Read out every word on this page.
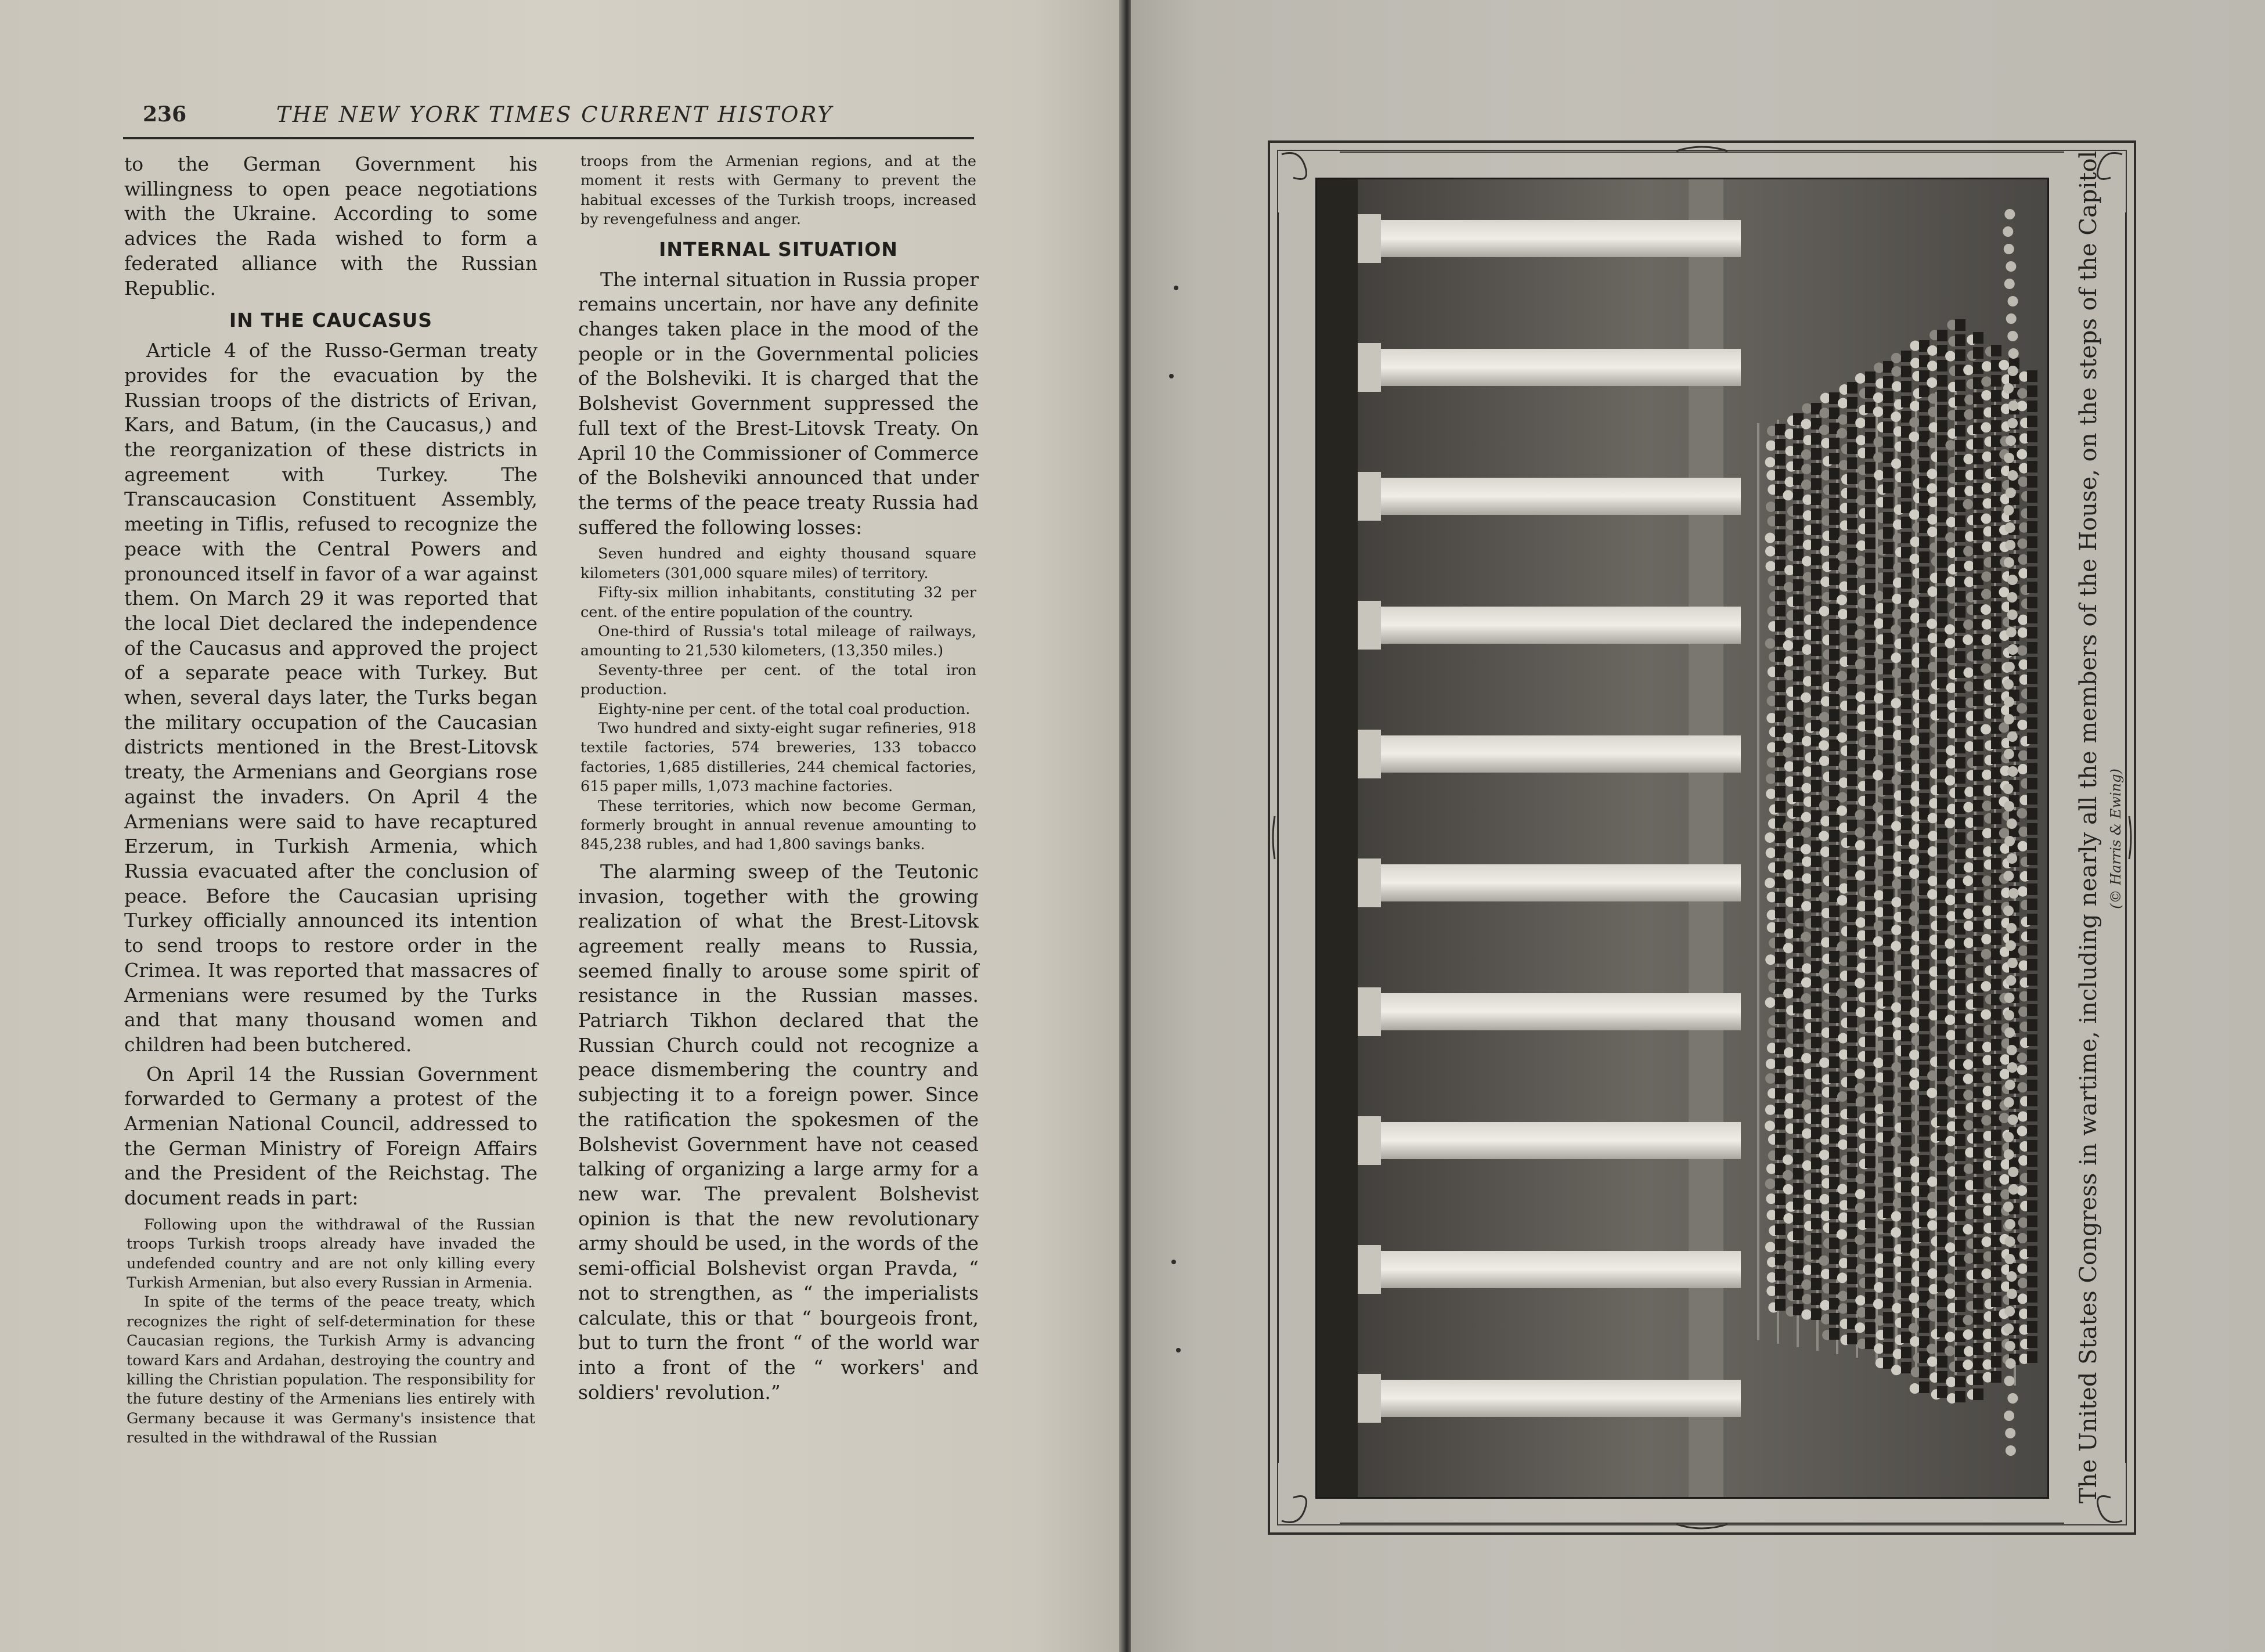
236	THE NEW YORK TIMES CURRENT HISTORY

to the German Government his willingness to open peace negotiations with the Ukraine. According to some advices the Rada wished to form a federated alliance with the Russian Republic.

IN THE CAUCASUS

Article 4 of the Russo-German treaty provides for the evacuation by the Russian troops of the districts of Erivan, Kars, and Batum, (in the Caucasus,) and the reorganization of these districts in agreement with Turkey. The Transcaucasion Constituent Assembly, meeting in Tiflis, refused to recognize the peace with the Central Powers and pronounced itself in favor of a war against them. On March 29 it was reported that the local Diet declared the independence of the Caucasus and approved the project of a separate peace with Turkey. But when, several days later, the Turks began the military occupation of the Caucasian districts mentioned in the Brest-Litovsk treaty, the Armenians and Georgians rose against the invaders. On April 4 the Armenians were said to have recaptured Erzerum, in Turkish Armenia, which Russia evacuated after the conclusion of peace. Before the Caucasian uprising Turkey officially announced its intention to send troops to restore order in the Crimea. It was reported that massacres of Armenians were resumed by the Turks and that many thousand women and children had been butchered.

On April 14 the Russian Government forwarded to Germany a protest of the Armenian National Council, addressed to the German Ministry of Foreign Affairs and the President of the Reichstag. The document reads in part:

Following upon the withdrawal of the Russian troops Turkish troops already have invaded the undefended country and are not only killing every Turkish Armenian, but also every Russian in Armenia.

In spite of the terms of the peace treaty, which recognizes the right of self-determination for these Caucasian regions, the Turkish Army is advancing toward Kars and Ardahan, destroying the country and killing the Christian population. The responsibility for the future destiny of the Armenians lies entirely with Germany because it was Germany's insistence that resulted in the withdrawal of the Russian

troops from the Armenian regions, and at the moment it rests with Germany to prevent the habitual excesses of the Turkish troops, increased by revengefulness and anger.

INTERNAL SITUATION

The internal situation in Russia proper remains uncertain, nor have any definite changes taken place in the mood of the people or in the Governmental policies of the Bolsheviki. It is charged that the Bolshevist Government suppressed the full text of the Brest-Litovsk Treaty. On April 10 the Commissioner of Commerce of the Bolsheviki announced that under the terms of the peace treaty Russia had suffered the following losses:

Seven hundred and eighty thousand square kilometers (301,000 square miles) of territory.

Fifty-six million inhabitants, constituting 32 per cent. of the entire population of the country.

One-third of Russia's total mileage of railways, amounting to 21,530 kilometers, (13,350 miles.)

Seventy-three per cent. of the total iron production.

Eighty-nine per cent. of the total coal production.

Two hundred and sixty-eight sugar refineries, 918 textile factories, 574 breweries, 133 tobacco factories, 1,685 distilleries, 244 chemical factories, 615 paper mills, 1,073 machine factories.

These territories, which now become German, formerly brought in annual revenue amounting to 845,238 rubles, and had 1,800 savings banks.

The alarming sweep of the Teutonic invasion, together with the growing realization of what the Brest-Litovsk agreement really means to Russia, seemed finally to arouse some spirit of resistance in the Russian masses. Patriarch Tikhon declared that the Russian Church could not recognize a peace dismembering the country and subjecting it to a foreign power. Since the ratification the spokesmen of the Bolshevist Government have not ceased talking of organizing a large army for a new war. The prevalent Bolshevist opinion is that the new revolutionary army should be used, in the words of the semi-official Bolshevist organ Pravda, “ not to strengthen, as “ the imperialists calculate, this or that “ bourgeois front, but to turn the front “ of the world war into a front of the “ workers' and soldiers' revolution.”	The United States Congress in wartime, including nearly all the members of the House, on the steps of the Capitol (© Harris & Ewing)
